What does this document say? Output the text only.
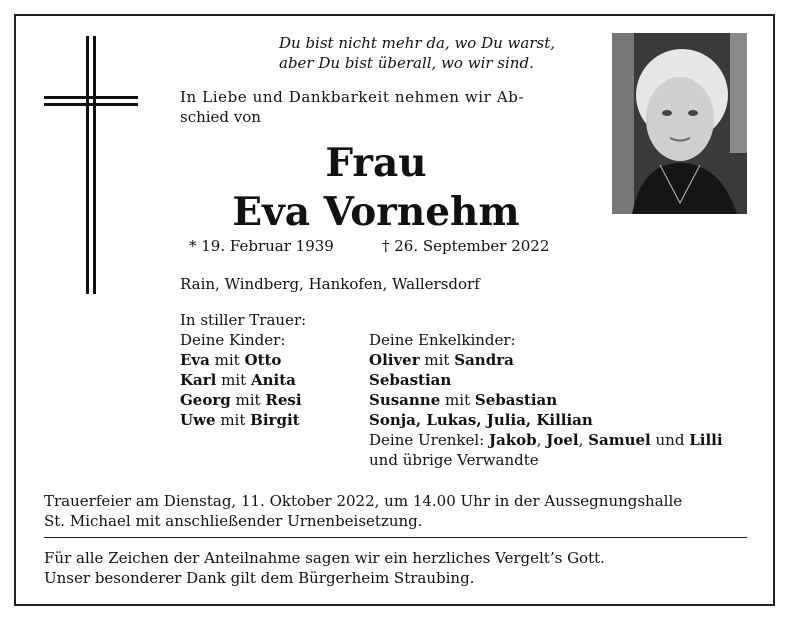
Du bist nicht mehr da, wo Du warst,
aber Du bist überall, wo wir sind.
In Liebe und Dankbarkeit nehmen wir Ab-
schied von
Frau
Eva Vornehm
* 19. Februar 1939	† 26. September 2022
Rain, Windberg, Hankofen, Wallersdorf
In stiller Trauer:
Deine Kinder:
Eva mit Otto
Karl mit Anita
Georg mit Resi
Uwe mit Birgit
Deine Enkelkinder:
Oliver mit Sandra
Sebastian
Susanne mit Sebastian
Sonja, Lukas, Julia, Killian
Deine Urenkel: Jakob, Joel, Samuel und Lilli
und übrige Verwandte
Trauerfeier am Dienstag, 11. Oktober 2022, um 14.00 Uhr in der Aussegnungshalle
St. Michael mit anschließender Urnenbeisetzung.
Für alle Zeichen der Anteilnahme sagen wir ein herzliches Vergelt’s Gott.
Unser besonderer Dank gilt dem Bürgerheim Straubing.
